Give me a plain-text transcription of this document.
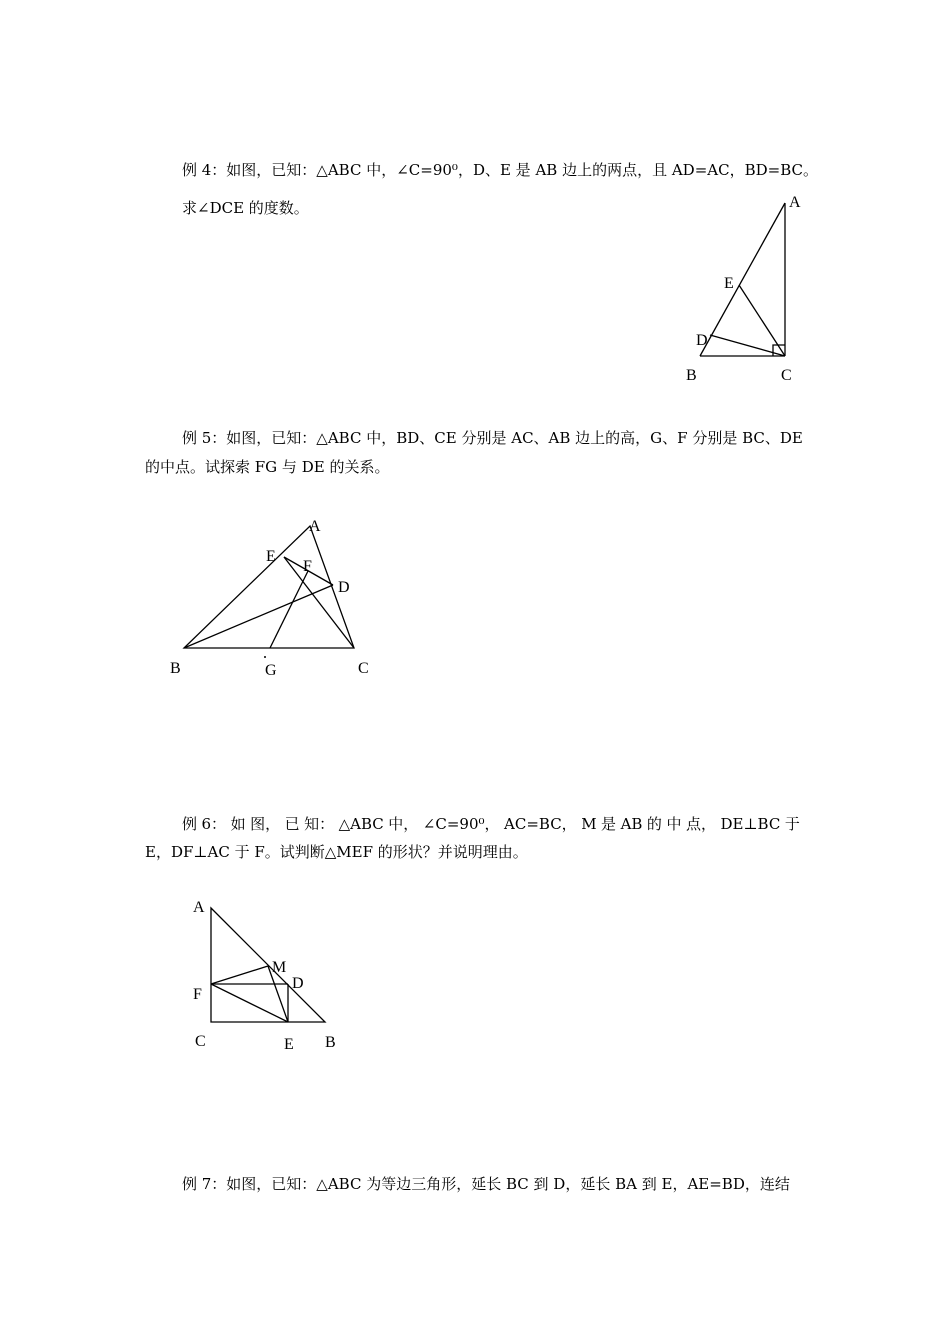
例 4：如图，已知：△ABC 中，∠C=90⁰，D、E 是 AB 边上的两点，且 AD=AC，BD=BC。
求∠DCE 的度数。	A
E
D
B	C
例 5：如图，已知：△ABC 中，BD、CE 分别是 AC、AB 边上的高，G、F 分别是 BC、DE
的中点。试探索 FG 与 DE 的关系。
A
E
F
D
B	G	C
例 6： 如 图， 已 知： △ABC 中， ∠C=90⁰， AC=BC， M 是 AB 的 中 点， DE⊥BC 于
E，DF⊥AC 于 F。试判断△MEF 的形状？并说明理由。
A
M
D
F
C	E B
例 7：如图，已知：△ABC 为等边三角形，延长 BC 到 D，延长 BA 到 E，AE=BD，连结
